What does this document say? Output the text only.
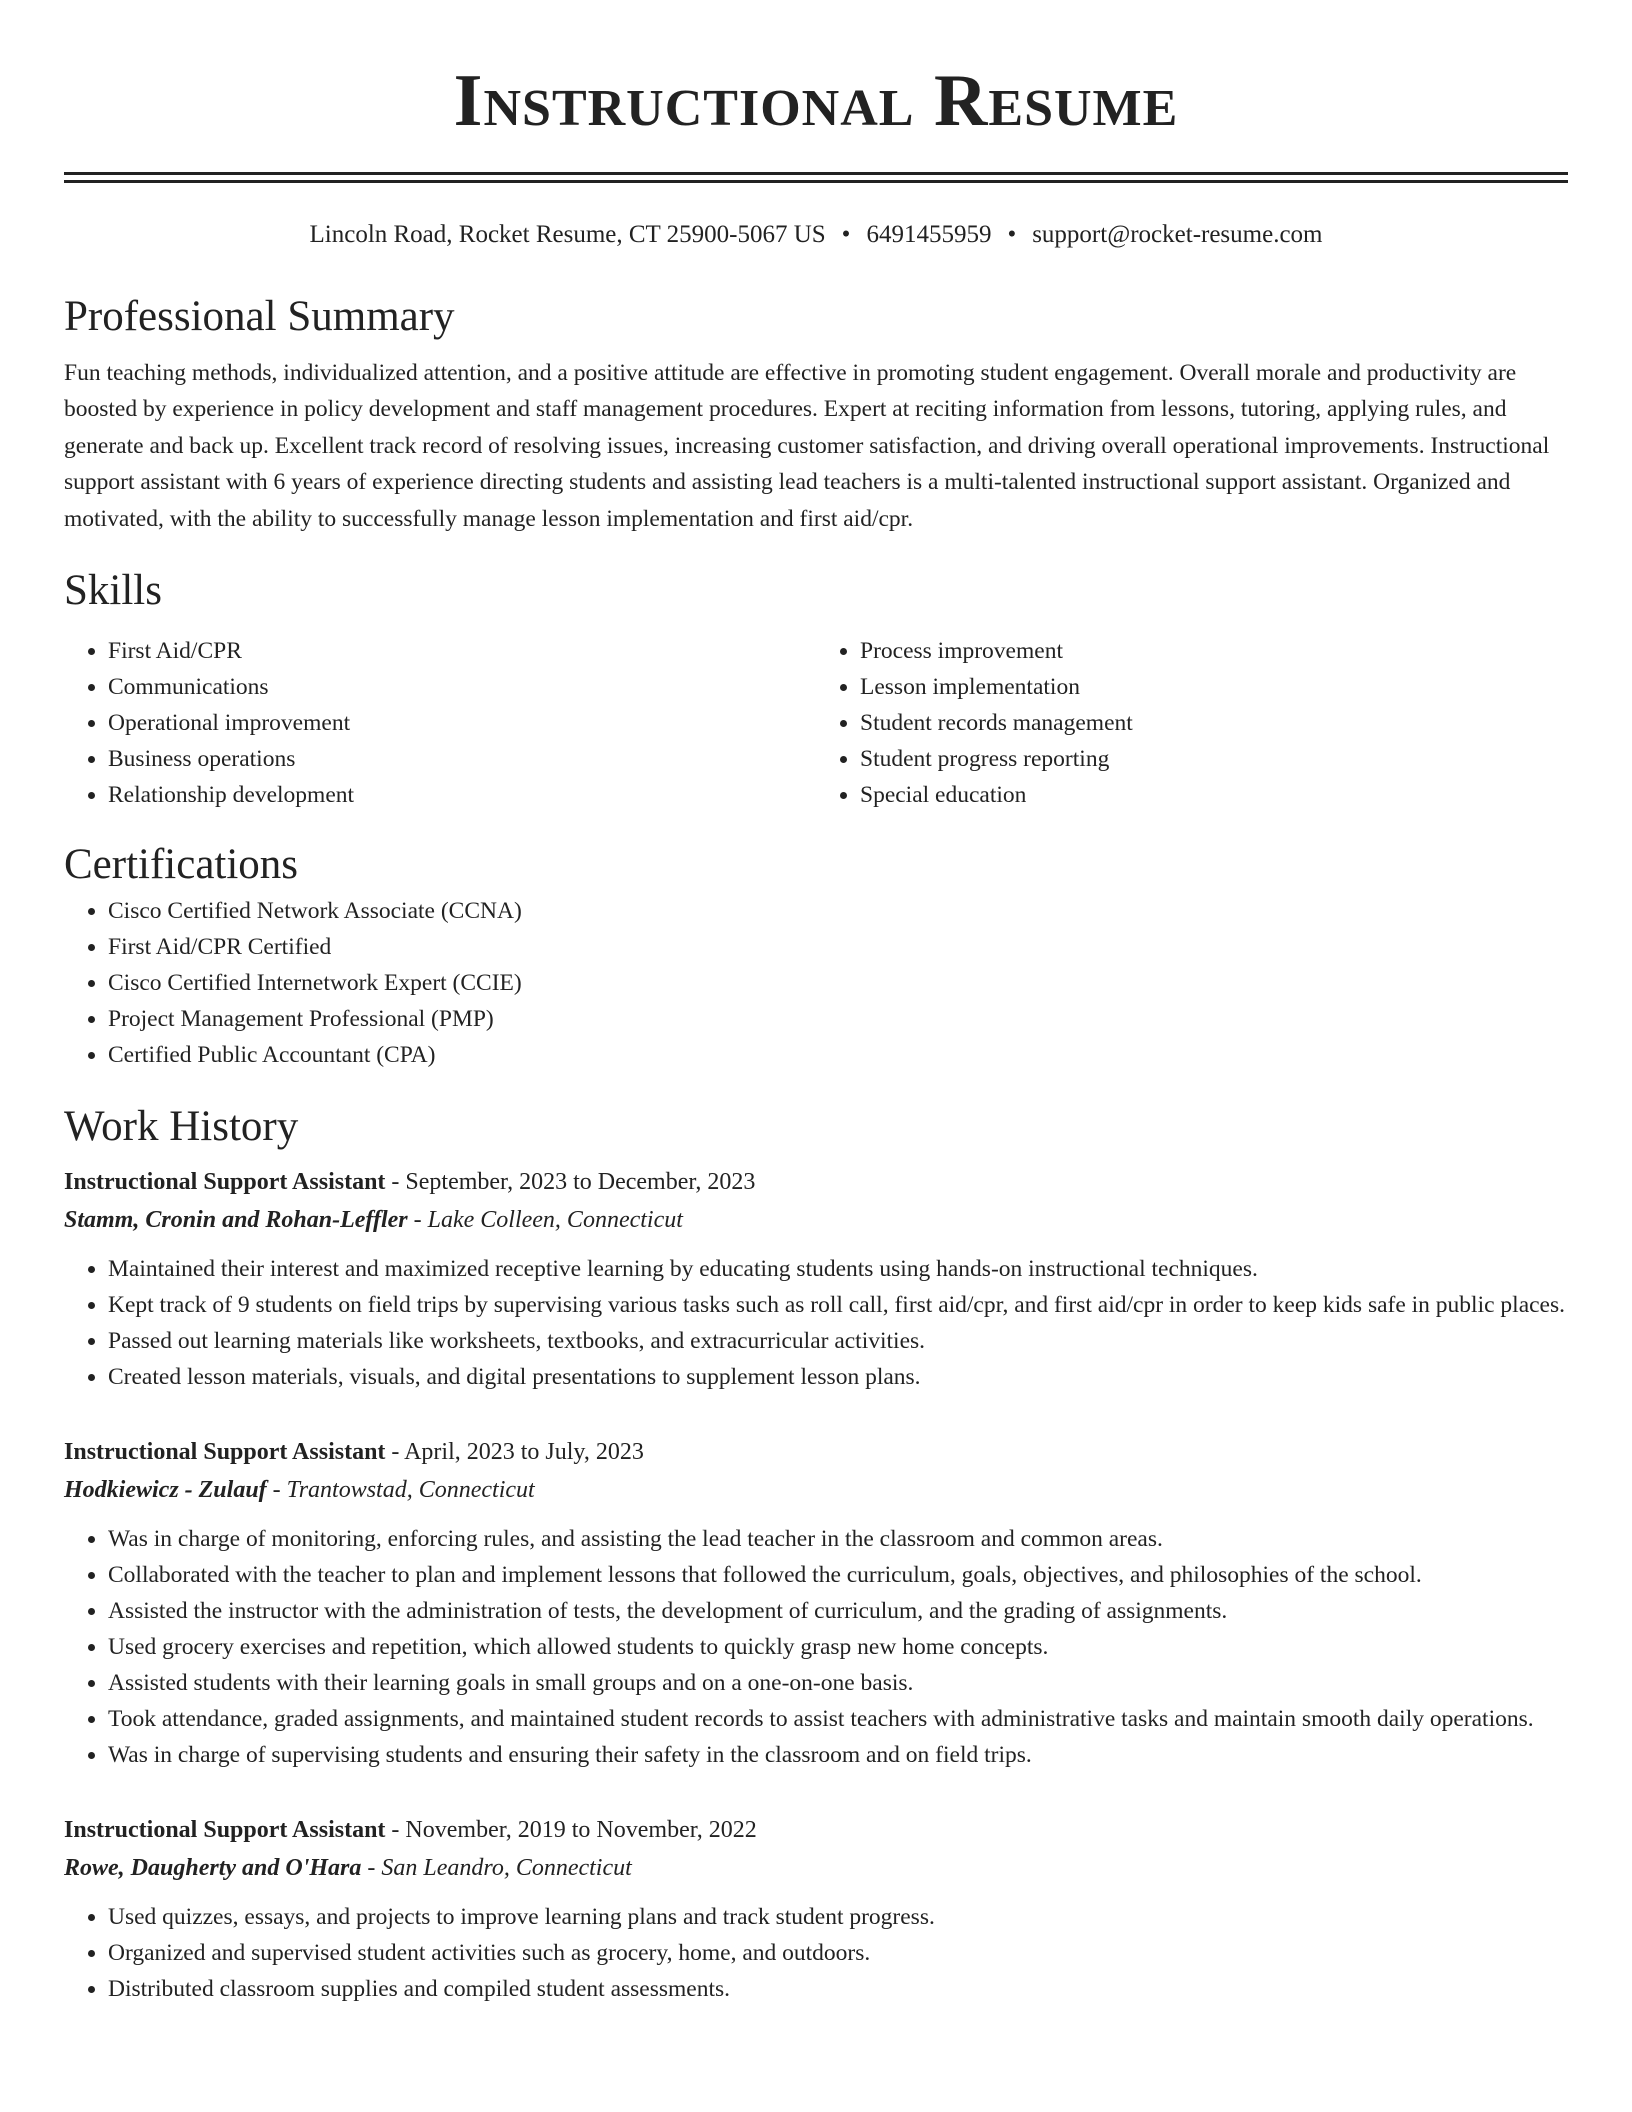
Instructional Resume
Lincoln Road, Rocket Resume, CT 25900-5067 US • 6491455959 • support@rocket-resume.com
Professional Summary

Fun teaching methods, individualized attention, and a positive attitude are effective in promoting student engagement. Overall morale and productivity are boosted by experience in policy development and staff management procedures. Expert at reciting information from lessons, tutoring, applying rules, and generate and back up. Excellent track record of resolving issues, increasing customer satisfaction, and driving overall operational improvements. Instructional support assistant with 6 years of experience directing students and assisting lead teachers is a multi-talented instructional support assistant. Organized and motivated, with the ability to successfully manage lesson implementation and first aid/cpr.

Skills
• First Aid/CPR
• Communications
• Operational improvement
• Business operations
• Relationship development
• Process improvement
• Lesson implementation
• Student records management
• Student progress reporting
• Special education
Certifications
• Cisco Certified Network Associate (CCNA)
• First Aid/CPR Certified
• Cisco Certified Internetwork Expert (CCIE)
• Project Management Professional (PMP)
• Certified Public Accountant (CPA)
Work History
Instructional Support Assistant - September, 2023 to December, 2023
Stamm, Cronin and Rohan-Leffler - Lake Colleen, Connecticut
• Maintained their interest and maximized receptive learning by educating students using hands-on instructional techniques.
• Kept track of 9 students on field trips by supervising various tasks such as roll call, first aid/cpr, and first aid/cpr in order to keep kids safe in public places.
• Passed out learning materials like worksheets, textbooks, and extracurricular activities.
• Created lesson materials, visuals, and digital presentations to supplement lesson plans.
Instructional Support Assistant - April, 2023 to July, 2023
Hodkiewicz - Zulauf - Trantowstad, Connecticut
• Was in charge of monitoring, enforcing rules, and assisting the lead teacher in the classroom and common areas.
• Collaborated with the teacher to plan and implement lessons that followed the curriculum, goals, objectives, and philosophies of the school.
• Assisted the instructor with the administration of tests, the development of curriculum, and the grading of assignments.
• Used grocery exercises and repetition, which allowed students to quickly grasp new home concepts.
• Assisted students with their learning goals in small groups and on a one-on-one basis.
• Took attendance, graded assignments, and maintained student records to assist teachers with administrative tasks and maintain smooth daily operations.
• Was in charge of supervising students and ensuring their safety in the classroom and on field trips.
Instructional Support Assistant - November, 2019 to November, 2022
Rowe, Daugherty and O'Hara - San Leandro, Connecticut
• Used quizzes, essays, and projects to improve learning plans and track student progress.
• Organized and supervised student activities such as grocery, home, and outdoors.
• Distributed classroom supplies and compiled student assessments.
